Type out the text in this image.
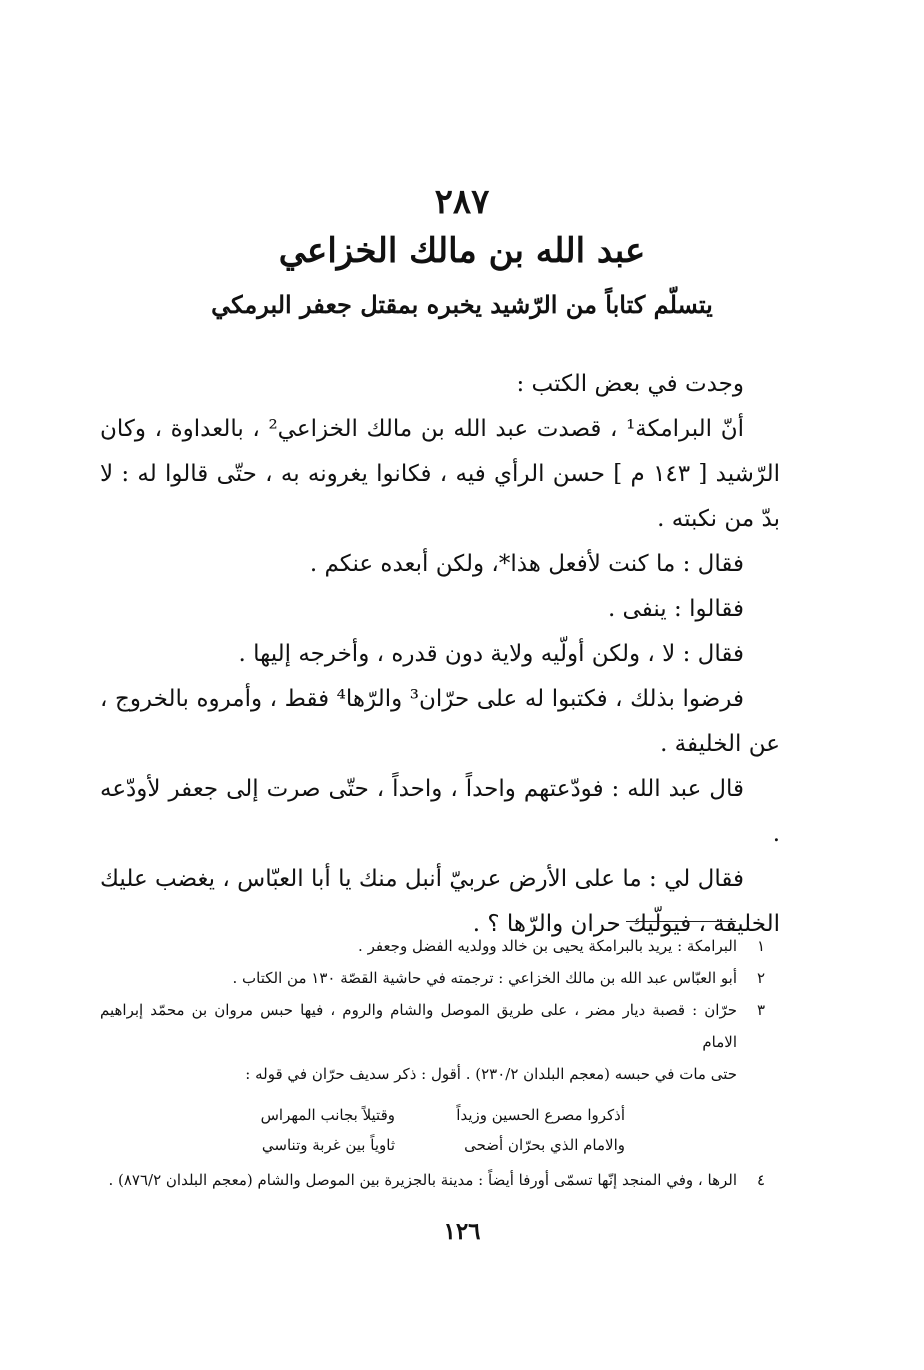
٢٨٧
عبد الله بن مالك الخزاعي
يتسلّم كتاباً من الرّشيد يخبره بمقتل جعفر البرمكي

وجدت في بعض الكتب :

أنّ البرامكة¹ ، قصدت عبد الله بن مالك الخزاعي² ، بالعداوة ، وكان الرّشيد [ ١٤٣ م ] حسن الرأي فيه ، فكانوا يغرونه به ، حتّى قالوا له : لا بدّ من نكبته .

فقال : ما كنت لأفعل هذا*، ولكن أبعده عنكم .

فقالوا : ينفى .

فقال : لا ، ولكن أولّيه ولاية دون قدره ، وأخرجه إليها .

فرضوا بذلك ، فكتبوا له على حرّان³ والرّها⁴ فقط ، وأمروه بالخروج ، عن الخليفة .

قال عبد الله : فودّعتهم واحداً ، واحداً ، حتّى صرت إلى جعفر لأودّعه .

فقال لي : ما على الأرض عربيّ أنبل منك يا أبا العبّاس ، يغضب عليك الخليفة ، فيولّيك حران والرّها ؟ .

١
البرامكة : يريد بالبرامكة يحيى بن خالد وولديه الفضل وجعفر .
٢
أبو العبّاس عبد الله بن مالك الخزاعي : ترجمته في حاشية القصّة ١٣٠ من الكتاب .
٣
حرّان : قصبة ديار مضر ، على طريق الموصل والشام والروم ، فيها حبس مروان بن محمّد إبراهيم الامام
حتى مات في حبسه (معجم البلدان ٢٣٠/٢) . أقول : ذكر سديف حرّان في قوله :
أذكروا مصرع الحسين وزيداً
وقتيلاً بجانب المهراس
والامام الذي بحرّان أضحى
ثاوياً بين غربة وتناسي
٤
الرها ، وفي المنجد إنّها تسمّى أورفا أيضاً : مدينة بالجزيرة بين الموصل والشام (معجم البلدان ٨٧٦/٢) .
١٢٦
